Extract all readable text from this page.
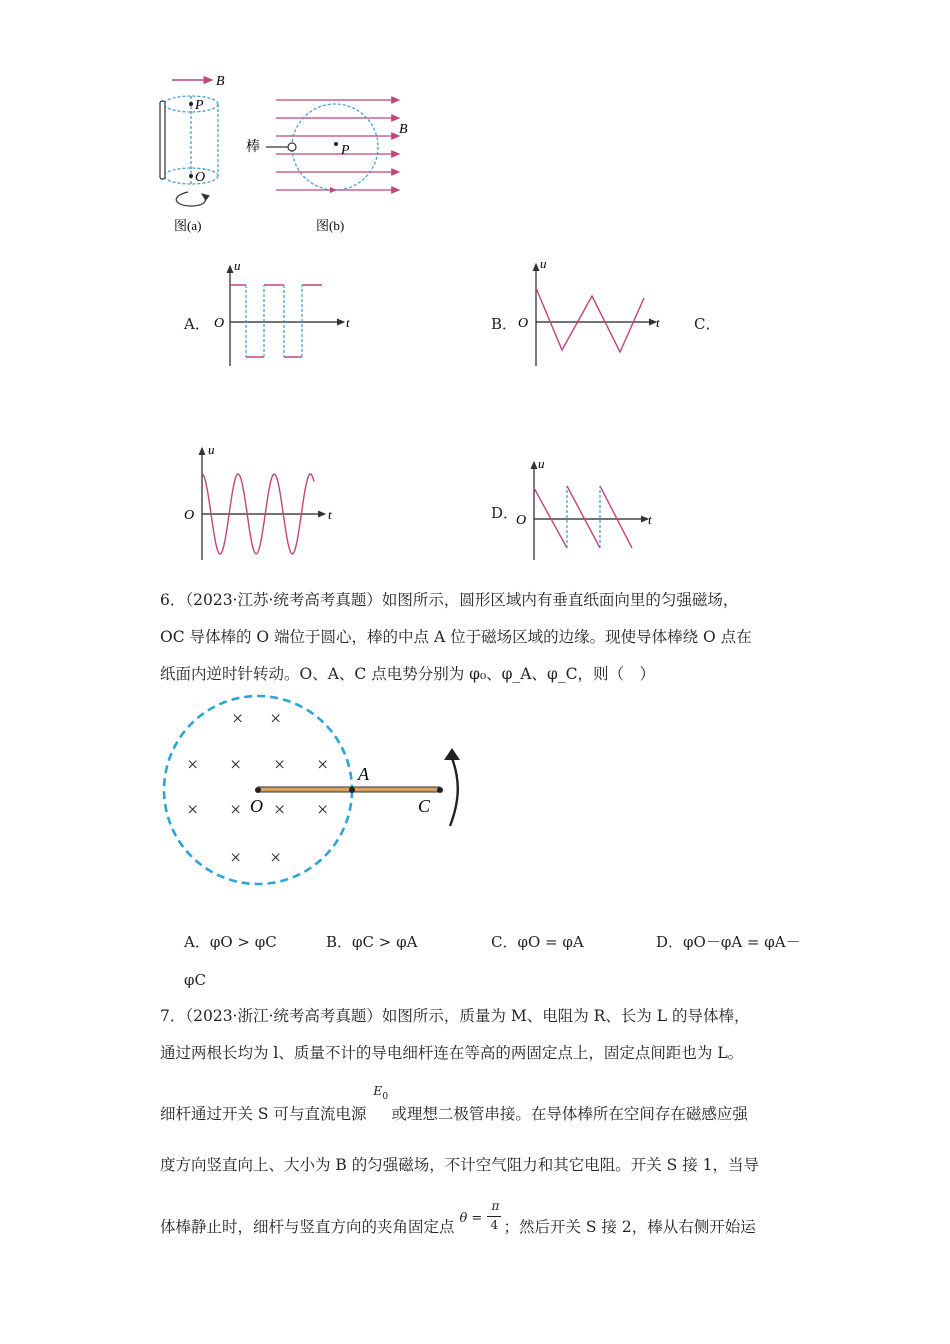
B
P
O
图(a)
B
棒	P
图(b)
A．
u
t
O	B．
u
t
O	C．
u
t
O	D．
u
t
O
6．（2023·江苏·统考高考真题）如图所示，圆形区域内有垂直纸面向里的匀强磁场，
OC 导体棒的 O 端位于圆心，棒的中点 A 位于磁场区域的边缘。现使导体棒绕 O 点在
纸面内逆时针转动。O、A、C 点电势分别为 φ₀、φ_A、φ_C，则（　）
× ×
× × × ×
× × × ×
× ×
O
A
C
A．φO > φC	B．φC > φA	C．φO = φA	D．φO－φA = φA－
φC
7．（2023·浙江·统考高考真题）如图所示，质量为 M、电阻为 R、长为 L 的导体棒，
通过两根长均为 l、质量不计的导电细杆连在等高的两固定点上，固定点间距也为 L。
细杆通过开关 S 可与直流电源
E 0
或理想二极管串接。在导体棒所在空间存在磁感应强
度方向竖直向上、大小为 B 的匀强磁场，不计空气阻力和其它电阻。开关 S 接 1，当导
体棒静止时，细杆与竖直方向的夹角固定点 θ =
π
4 ；然后开关 S 接 2，棒从右侧开始运
